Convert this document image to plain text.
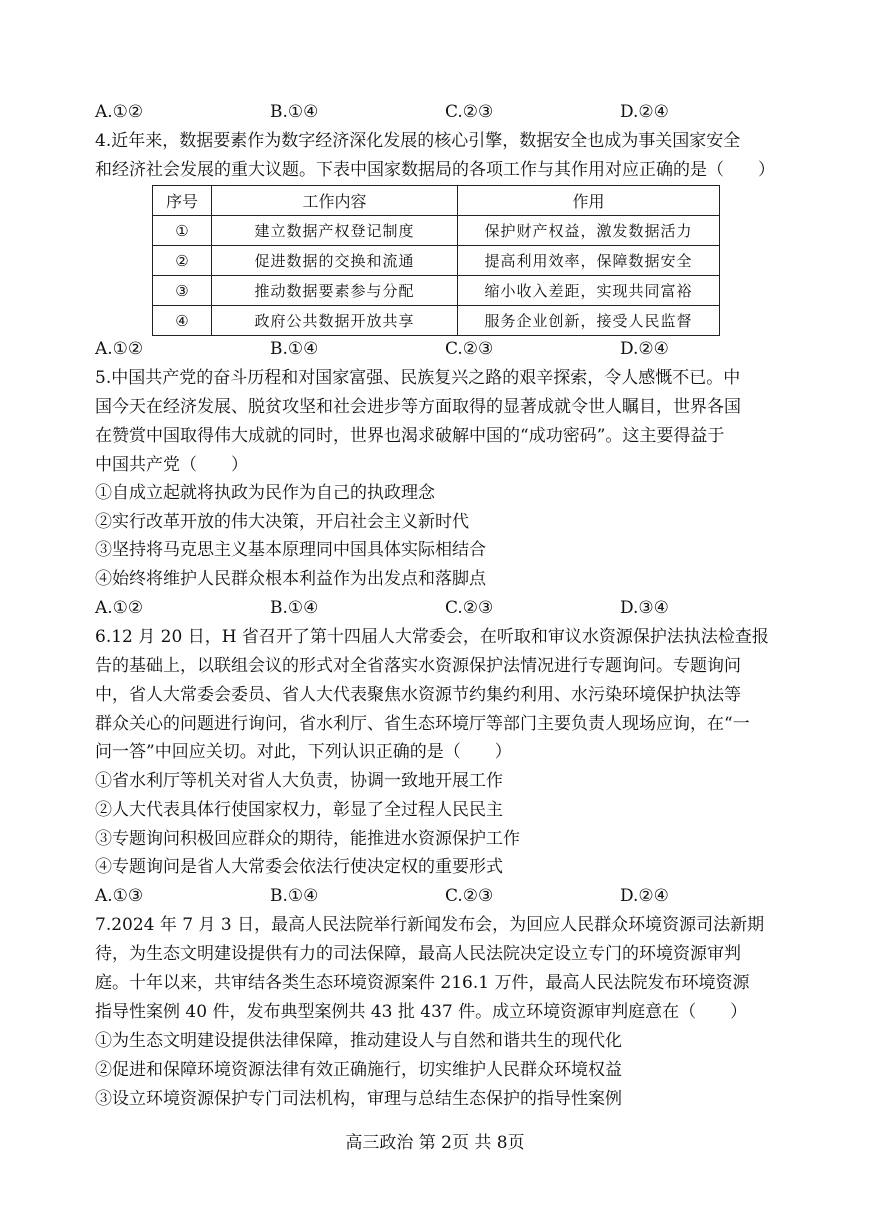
A.①②	B.①④	C.②③	D.②④
4.近年来，数据要素作为数字经济深化发展的核心引擎，数据安全也成为事关国家安全
和经济社会发展的重大议题。下表中国家数据局的各项工作与其作用对应正确的是（　　）
序号	工作内容	作用
①	建立数据产权登记制度	保护财产权益，激发数据活力
②	促进数据的交换和流通	提高利用效率，保障数据安全
③	推动数据要素参与分配	缩小收入差距，实现共同富裕
④	政府公共数据开放共享	服务企业创新，接受人民监督
A.①②	B.①④	C.②③	D.②④
5.中国共产党的奋斗历程和对国家富强、民族复兴之路的艰辛探索，令人感慨不已。中
国今天在经济发展、脱贫攻坚和社会进步等方面取得的显著成就令世人瞩目，世界各国
在赞赏中国取得伟大成就的同时，世界也渴求破解中国的“成功密码”。这主要得益于
中国共产党（　　）
①自成立起就将执政为民作为自己的执政理念
②实行改革开放的伟大决策，开启社会主义新时代
③坚持将马克思主义基本原理同中国具体实际相结合
④始终将维护人民群众根本利益作为出发点和落脚点
A.①②	B.①④	C.②③	D.③④
6.12 月 20 日，H 省召开了第十四届人大常委会，在听取和审议水资源保护法执法检查报
告的基础上，以联组会议的形式对全省落实水资源保护法情况进行专题询问。专题询问
中，省人大常委会委员、省人大代表聚焦水资源节约集约利用、水污染环境保护执法等
群众关心的问题进行询问，省水利厅、省生态环境厅等部门主要负责人现场应询，在“一
问一答”中回应关切。对此，下列认识正确的是（　　）
①省水利厅等机关对省人大负责，协调一致地开展工作
②人大代表具体行使国家权力，彰显了全过程人民民主
③专题询问积极回应群众的期待，能推进水资源保护工作
④专题询问是省人大常委会依法行使决定权的重要形式
A.①③	B.①④	C.②③	D.②④
7.2024 年 7 月 3 日，最高人民法院举行新闻发布会，为回应人民群众环境资源司法新期
待，为生态文明建设提供有力的司法保障，最高人民法院决定设立专门的环境资源审判
庭。十年以来，共审结各类生态环境资源案件 216.1 万件，最高人民法院发布环境资源
指导性案例 40 件，发布典型案例共 43 批 437 件。成立环境资源审判庭意在（　　）
①为生态文明建设提供法律保障，推动建设人与自然和谐共生的现代化
②促进和保障环境资源法律有效正确施行，切实维护人民群众环境权益
③设立环境资源保护专门司法机构，审理与总结生态保护的指导性案例
高三政治 第 2页 共 8页
